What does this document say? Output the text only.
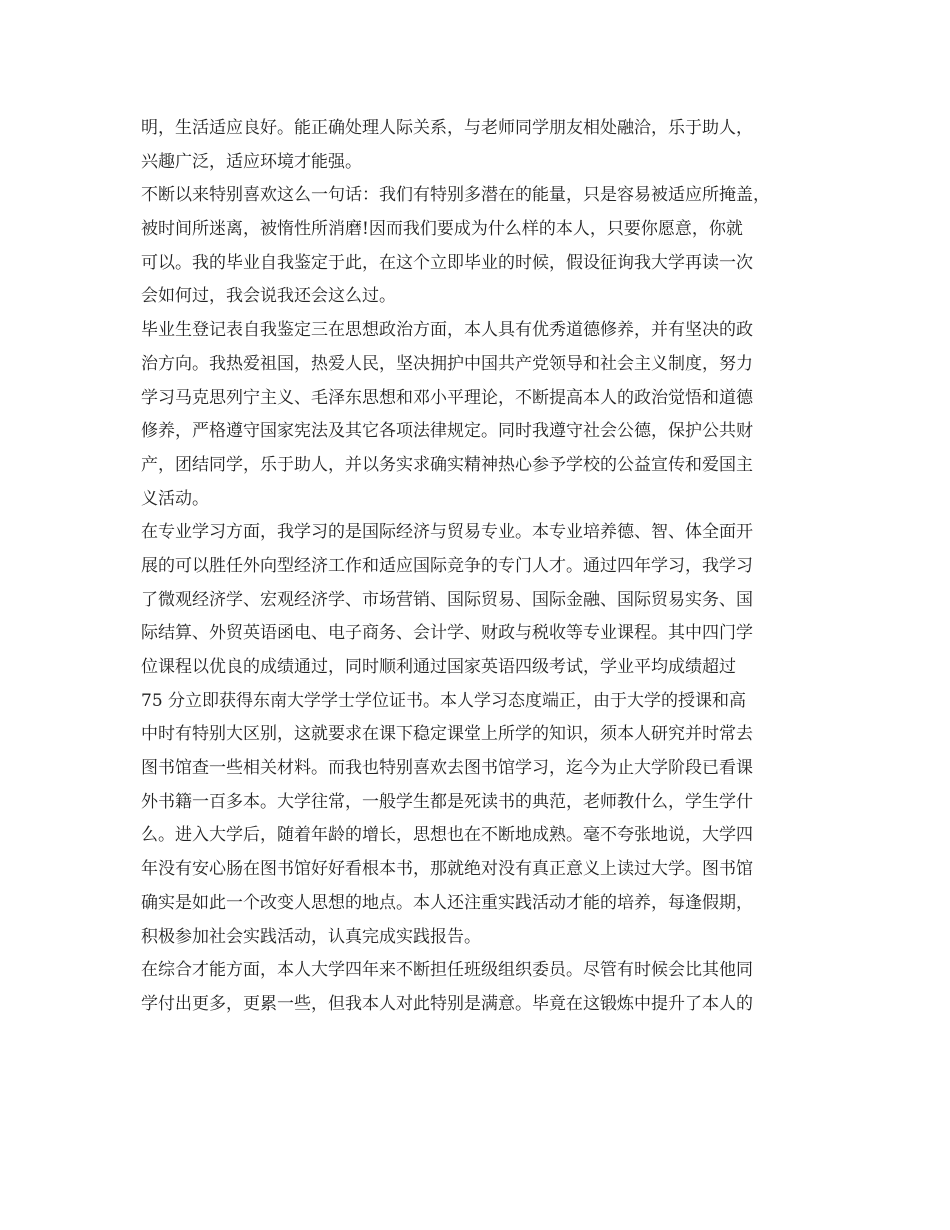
明，生活适应良好。能正确处理人际关系，与老师同学朋友相处融洽，乐于助人，

兴趣广泛，适应环境才能强。

不断以来特别喜欢这么一句话：我们有特别多潜在的能量，只是容易被适应所掩盖，

被时间所迷离，被惰性所消磨!因而我们要成为什么样的本人，只要你愿意，你就

可以。我的毕业自我鉴定于此，在这个立即毕业的时候，假设征询我大学再读一次

会如何过，我会说我还会这么过。

毕业生登记表自我鉴定三在思想政治方面，本人具有优秀道德修养，并有坚决的政

治方向。我热爱祖国，热爱人民，坚决拥护中国共产党领导和社会主义制度，努力

学习马克思列宁主义、毛泽东思想和邓小平理论，不断提高本人的政治觉悟和道德

修养，严格遵守国家宪法及其它各项法律规定。同时我遵守社会公德，保护公共财

产，团结同学，乐于助人，并以务实求确实精神热心参予学校的公益宣传和爱国主

义活动。

在专业学习方面，我学习的是国际经济与贸易专业。本专业培养德、智、体全面开

展的可以胜任外向型经济工作和适应国际竞争的专门人才。通过四年学习，我学习

了微观经济学、宏观经济学、市场营销、国际贸易、国际金融、国际贸易实务、国

际结算、外贸英语函电、电子商务、会计学、财政与税收等专业课程。其中四门学

位课程以优良的成绩通过，同时顺利通过国家英语四级考试，学业平均成绩超过

75 分立即获得东南大学学士学位证书。本人学习态度端正，由于大学的授课和高

中时有特别大区别，这就要求在课下稳定课堂上所学的知识，须本人研究并时常去

图书馆查一些相关材料。而我也特别喜欢去图书馆学习，迄今为止大学阶段已看课

外书籍一百多本。大学往常，一般学生都是死读书的典范，老师教什么，学生学什

么。进入大学后，随着年龄的增长，思想也在不断地成熟。毫不夸张地说，大学四

年没有安心肠在图书馆好好看根本书，那就绝对没有真正意义上读过大学。图书馆

确实是如此一个改变人思想的地点。本人还注重实践活动才能的培养，每逢假期，

积极参加社会实践活动，认真完成实践报告。

在综合才能方面，本人大学四年来不断担任班级组织委员。尽管有时候会比其他同

学付出更多，更累一些，但我本人对此特别是满意。毕竟在这锻炼中提升了本人的
